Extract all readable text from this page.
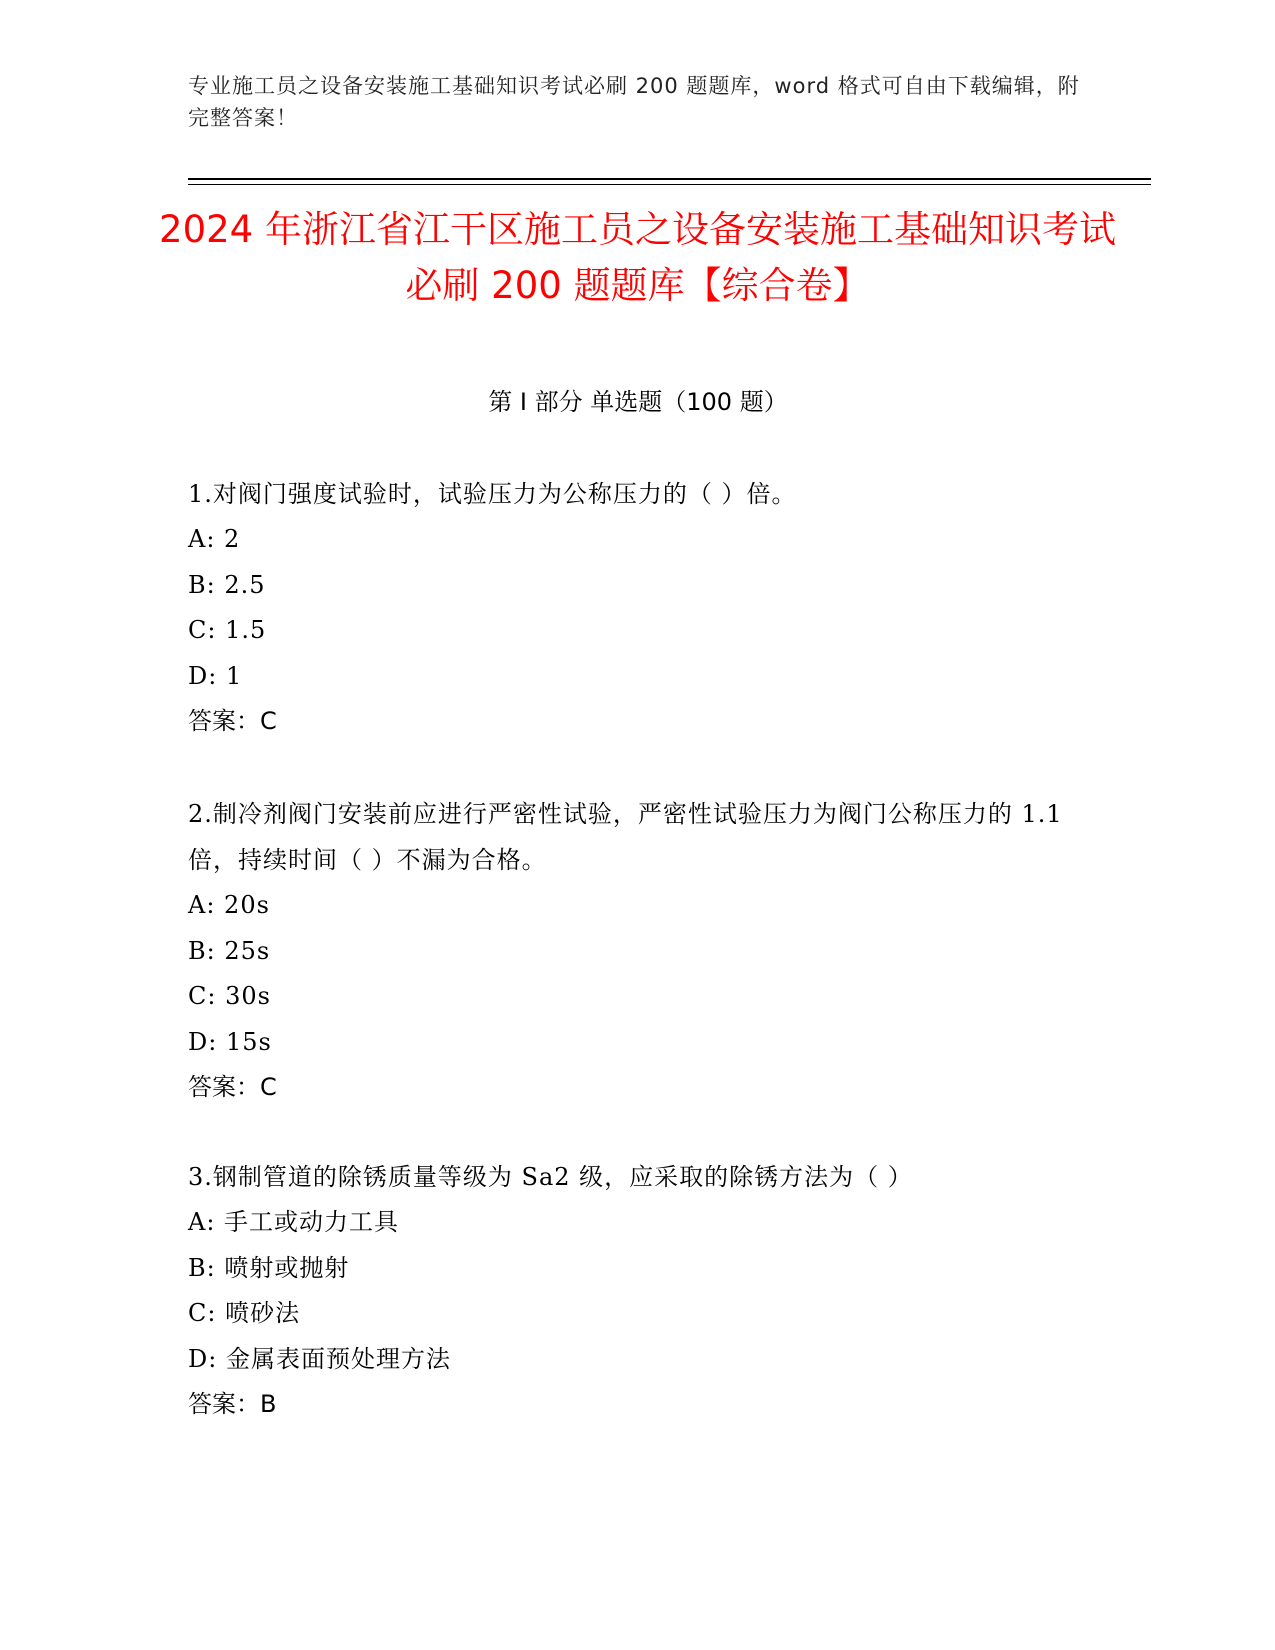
专业施工员之设备安装施工基础知识考试必刷 200 题题库，word 格式可自由下载编辑，附完整答案！
2024 年浙江省江干区施工员之设备安装施工基础知识考试必刷 200 题题库【综合卷】
第 I 部分 单选题（100 题）

1.对阀门强度试验时，试验压力为公称压力的（ ）倍。

A: 2

B: 2.5

C: 1.5

D: 1

答案：C

2.制冷剂阀门安装前应进行严密性试验，严密性试验压力为阀门公称压力的 1.1 倍，持续时间（ ）不漏为合格。

A: 20s

B: 25s

C: 30s

D: 15s

答案：C

3.钢制管道的除锈质量等级为 Sa2 级，应采取的除锈方法为（ ）

A: 手工或动力工具

B: 喷射或抛射

C: 喷砂法

D: 金属表面预处理方法

答案：B
